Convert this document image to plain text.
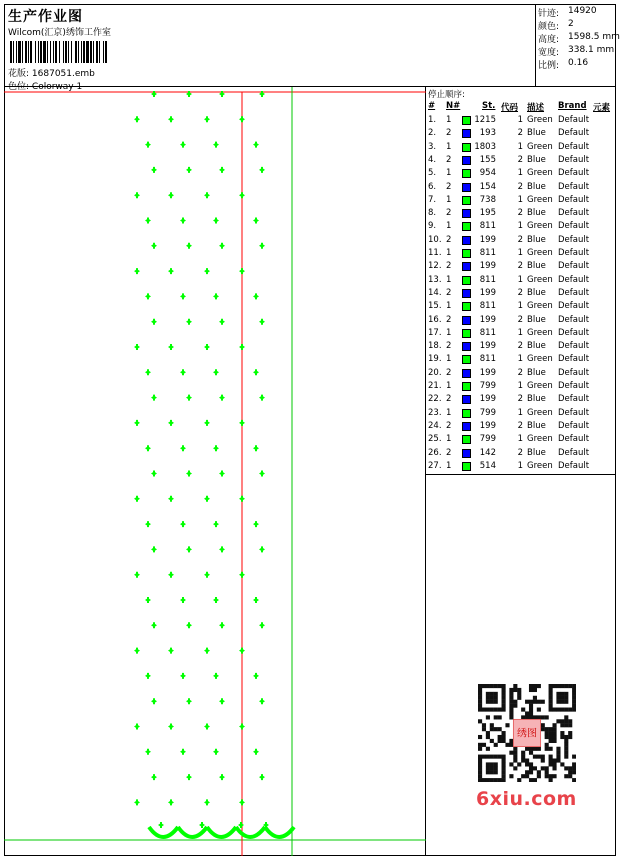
生产作业图
Wilcom(汇京)绣饰工作室
花版: 1687051.emb
色位: Colorway 1
针迹: 14920
颜色: 2
高度: 1598.5 mm
宽度: 338.1 mm
比例: 0.16
停止顺序:
# N#	St. 代码 描述 Brand 元素
1. 1	1215	1 Green Default
2. 2	193	2 Blue Default
3. 1	1803	1 Green Default
4. 2	155	2 Blue Default
5. 1	954	1 Green Default
6. 2	154	2 Blue Default
7. 1	738	1 Green Default
8. 2	195	2 Blue Default
9. 1	811	1 Green Default
10. 2	199	2 Blue Default
11. 1	811	1 Green Default
12. 2	199	2 Blue Default
13. 1	811	1 Green Default
14. 2	199	2 Blue Default
15. 1	811	1 Green Default
16. 2	199	2 Blue Default
17. 1	811	1 Green Default
18. 2	199	2 Blue Default
19. 1	811	1 Green Default
20. 2	199	2 Blue Default
21. 1	799	1 Green Default
22. 2	199	2 Blue Default
23. 1	799	1 Green Default
24. 2	199	2 Blue Default
25. 1	799	1 Green Default
26. 2	142	2 Blue Default
27. 1	514	1 Green Default
绣图
6xiu.com
